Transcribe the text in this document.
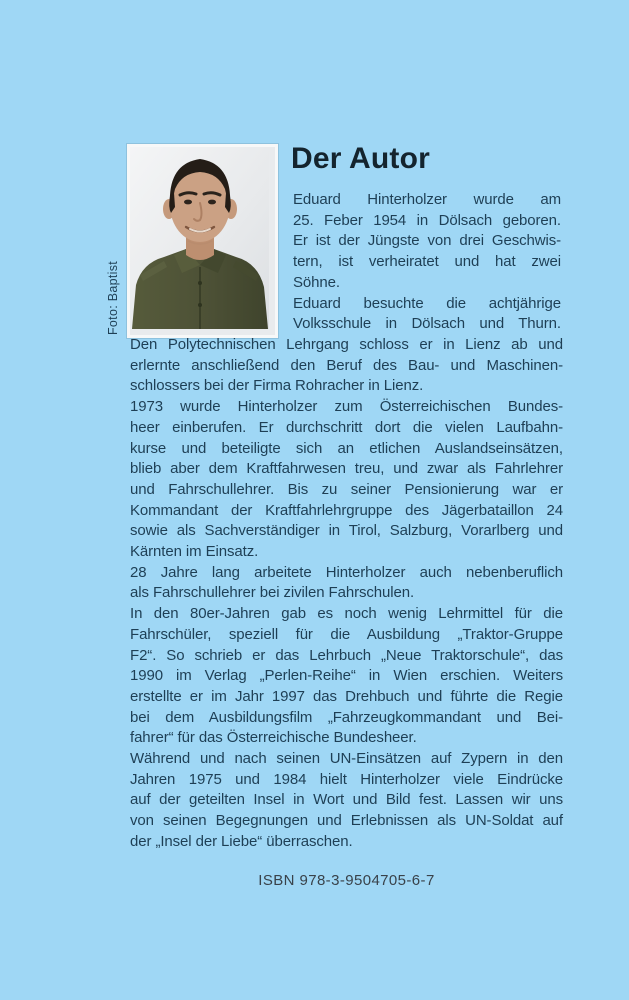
Foto: Baptist
Der Autor
Eduard Hinterholzer wurde am
25. Feber 1954 in Dölsach geboren.
Er ist der Jüngste von drei Geschwis-
tern, ist verheiratet und hat zwei
Söhne.
Eduard besuchte die achtjährige
Volksschule in Dölsach und Thurn.
Den Polytechnischen Lehrgang schloss er in Lienz ab und
erlernte anschließend den Beruf des Bau- und Maschinen-
schlossers bei der Firma Rohracher in Lienz.
1973 wurde Hinterholzer zum Österreichischen Bundes-
heer einberufen. Er durchschritt dort die vielen Laufbahn-
kurse und beteiligte sich an etlichen Auslandseinsätzen,
blieb aber dem Kraftfahrwesen treu, und zwar als Fahrlehrer
und Fahrschullehrer. Bis zu seiner Pensionierung war er
Kommandant der Kraftfahrlehrgruppe des Jägerbataillon 24
sowie als Sachverständiger in Tirol, Salzburg, Vorarlberg und
Kärnten im Einsatz.
28 Jahre lang arbeitete Hinterholzer auch nebenberuflich
als Fahrschullehrer bei zivilen Fahrschulen.
In den 80er-Jahren gab es noch wenig Lehrmittel für die
Fahrschüler, speziell für die Ausbildung „Traktor-Gruppe
F2“. So schrieb er das Lehrbuch „Neue Traktorschule“, das
1990 im Verlag „Perlen-Reihe“ in Wien erschien. Weiters
erstellte er im Jahr 1997 das Drehbuch und führte die Regie
bei dem Ausbildungsfilm „Fahrzeugkommandant und Bei-
fahrer“ für das Österreichische Bundesheer.
Während und nach seinen UN-Einsätzen auf Zypern in den
Jahren 1975 und 1984 hielt Hinterholzer viele Eindrücke
auf der geteilten Insel in Wort und Bild fest. Lassen wir uns
von seinen Begegnungen und Erlebnissen als UN-Soldat auf
der „Insel der Liebe“ überraschen.
ISBN 978-3-9504705-6-7
